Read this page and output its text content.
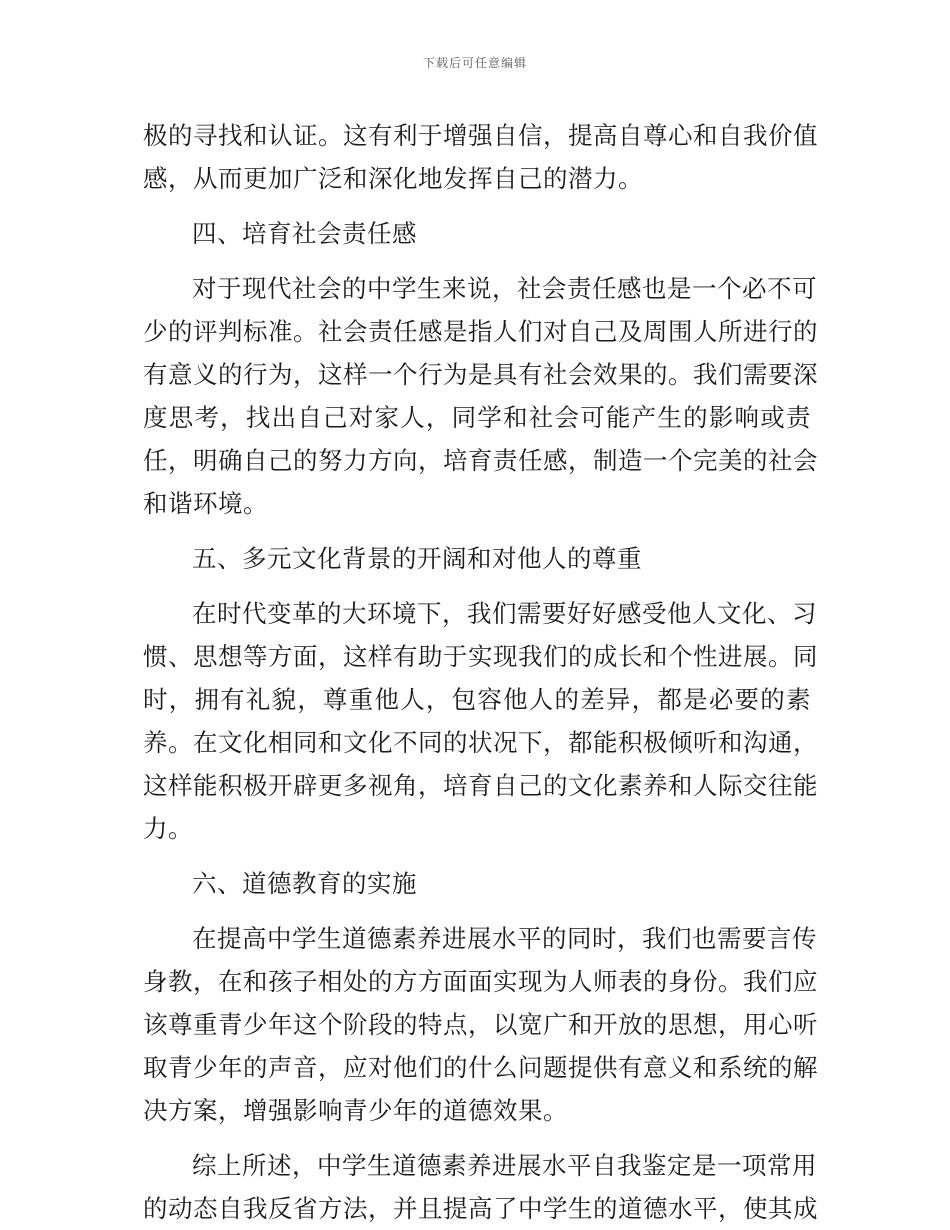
下载后可任意编辑
极的寻找和认证。这有利于增强自信，提高自尊心和自我价值
感，从而更加广泛和深化地发挥自己的潜力。
四、培育社会责任感
对于现代社会的中学生来说，社会责任感也是一个必不可
少的评判标准。社会责任感是指人们对自己及周围人所进行的
有意义的行为，这样一个行为是具有社会效果的。我们需要深
度思考，找出自己对家人，同学和社会可能产生的影响或责
任，明确自己的努力方向，培育责任感，制造一个完美的社会
和谐环境。
五、多元文化背景的开阔和对他人的尊重
在时代变革的大环境下，我们需要好好感受他人文化、习
惯、思想等方面，这样有助于实现我们的成长和个性进展。同
时，拥有礼貌，尊重他人，包容他人的差异，都是必要的素
养。在文化相同和文化不同的状况下，都能积极倾听和沟通，
这样能积极开辟更多视角，培育自己的文化素养和人际交往能
力。
六、道德教育的实施
在提高中学生道德素养进展水平的同时，我们也需要言传
身教，在和孩子相处的方方面面实现为人师表的身份。我们应
该尊重青少年这个阶段的特点，以宽广和开放的思想，用心听
取青少年的声音，应对他们的什么问题提供有意义和系统的解
决方案，增强影响青少年的道德效果。
综上所述，中学生道德素养进展水平自我鉴定是一项常用
的动态自我反省方法，并且提高了中学生的道德水平，使其成
